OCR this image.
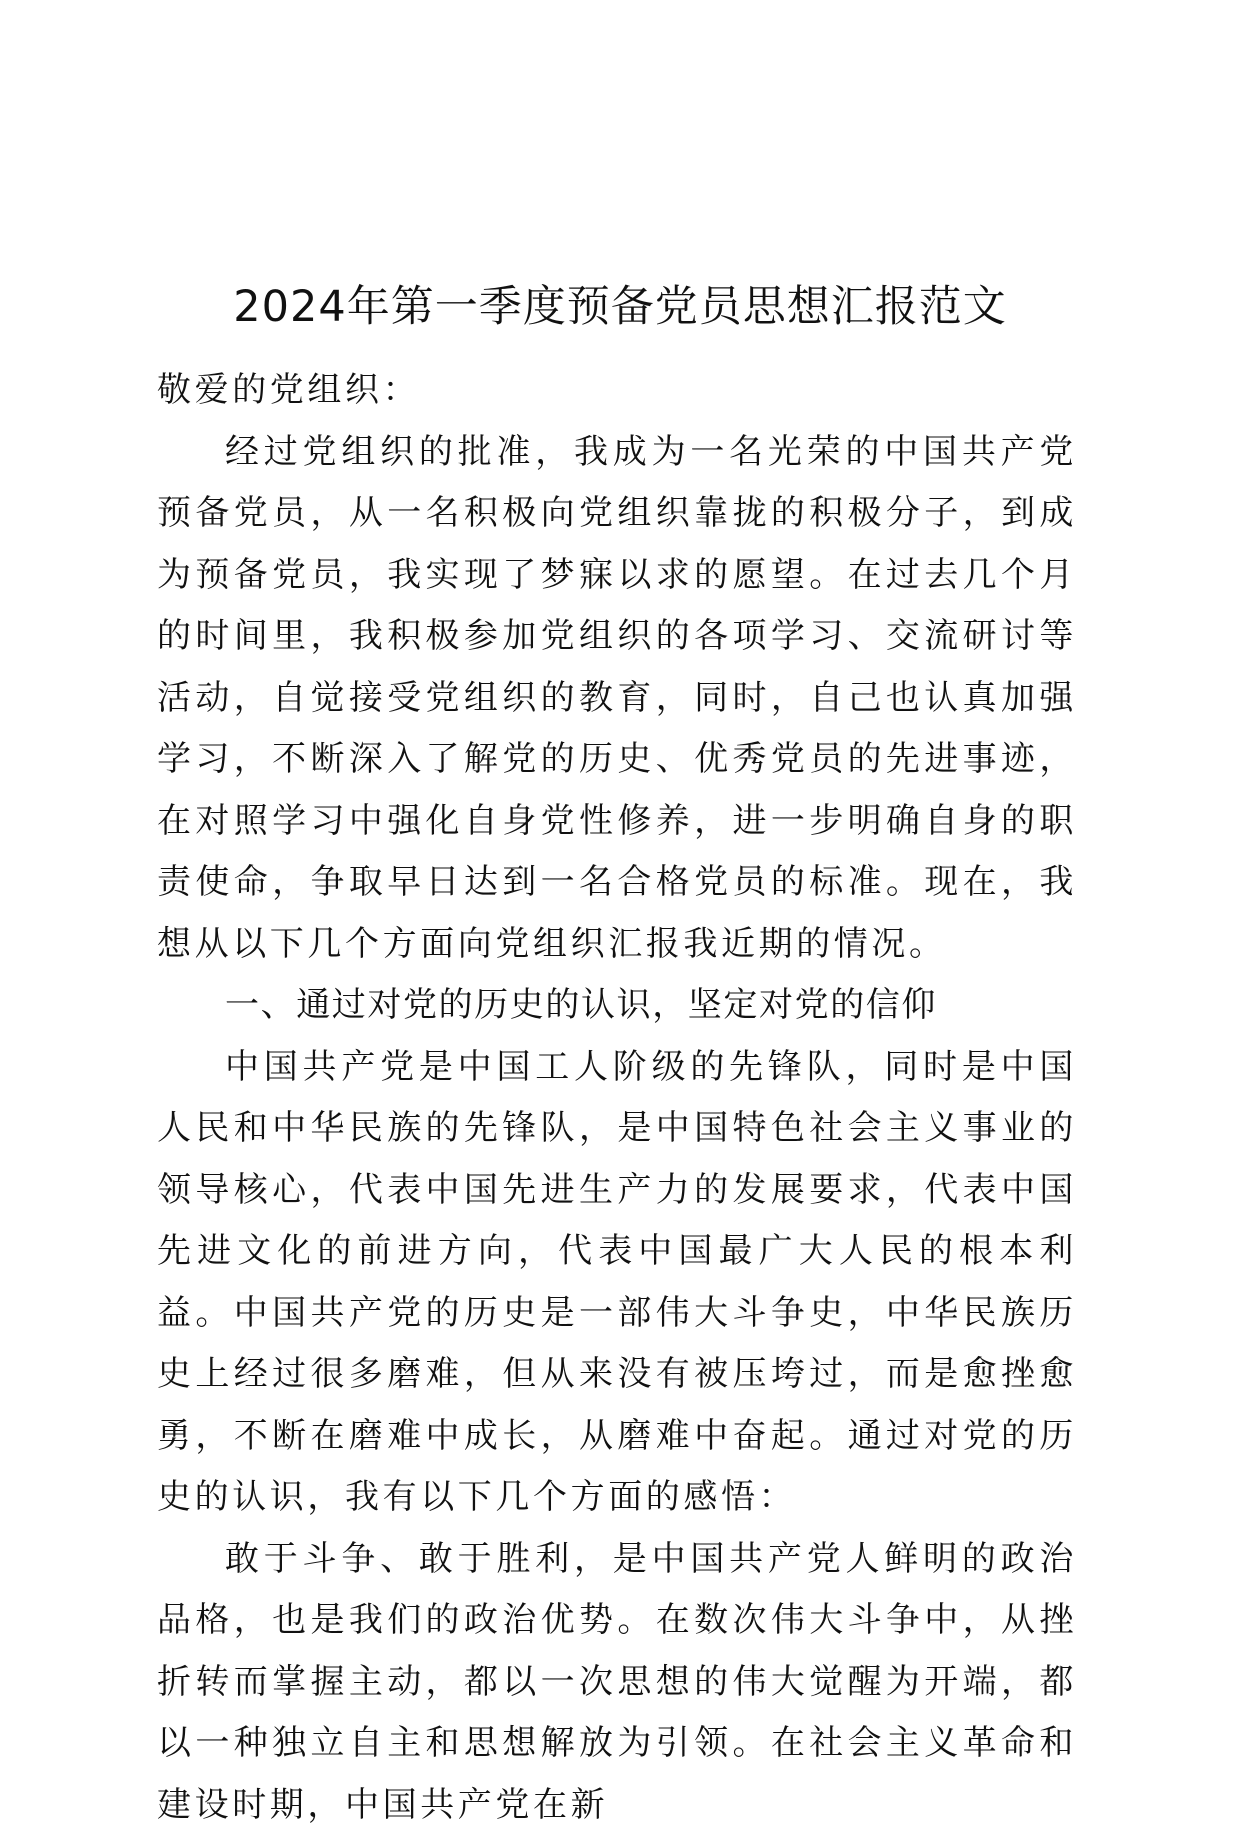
2024年第一季度预备党员思想汇报范文

敬爱的党组织：

经过党组织的批准，我成为一名光荣的中国共产党预备党员，从一名积极向党组织靠拢的积极分子，到成为预备党员，我实现了梦寐以求的愿望。在过去几个月的时间里，我积极参加党组织的各项学习、交流研讨等活动，自觉接受党组织的教育，同时，自己也认真加强学习，不断深入了解党的历史、优秀党员的先进事迹，在对照学习中强化自身党性修养，进一步明确自身的职责使命，争取早日达到一名合格党员的标准。现在，我想从以下几个方面向党组织汇报我近期的情况。

一、通过对党的历史的认识，坚定对党的信仰

中国共产党是中国工人阶级的先锋队，同时是中国人民和中华民族的先锋队，是中国特色社会主义事业的领导核心，代表中国先进生产力的发展要求，代表中国先进文化的前进方向，代表中国最广大人民的根本利益。中国共产党的历史是一部伟大斗争史，中华民族历史上经过很多磨难，但从来没有被压垮过，而是愈挫愈勇，不断在磨难中成长，从磨难中奋起。通过对党的历史的认识，我有以下几个方面的感悟：

敢于斗争、敢于胜利，是中国共产党人鲜明的政治品格，也是我们的政治优势。在数次伟大斗争中，从挫折转而掌握主动，都以一次思想的伟大觉醒为开端，都以一种独立自主和思想解放为引领。在社会主义革命和建设时期，中国共产党在新
